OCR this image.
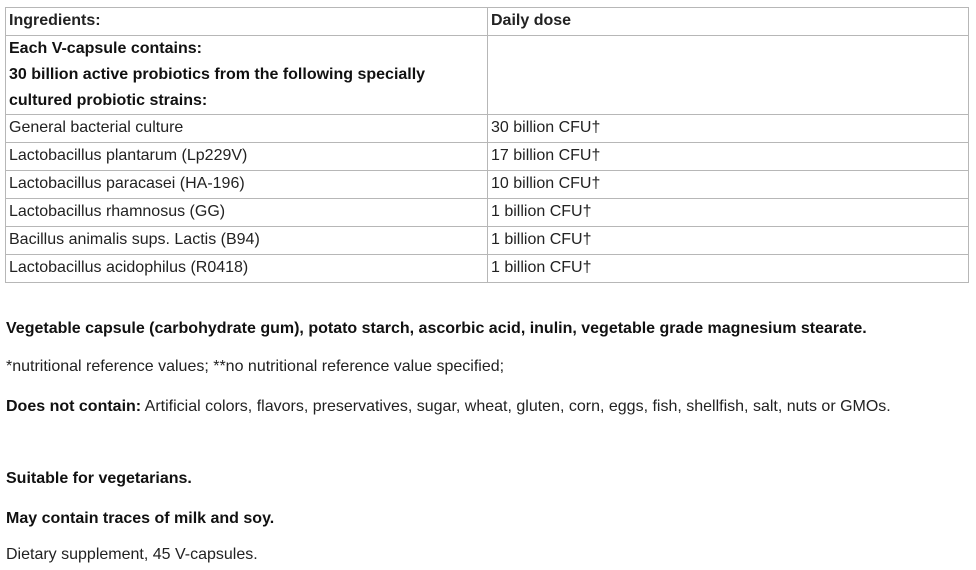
Ingredients:	Daily dose

Each V-capsule contains:
30 billion active probiotics from the following specially
cultured probiotic strains:	

General bacterial culture	30 billion CFU†
Lactobacillus plantarum (Lp229V)	17 billion CFU†
Lactobacillus paracasei (HA-196)	10 billion CFU†
Lactobacillus rhamnosus (GG)	1 billion CFU†
Bacillus animalis sups. Lactis (B94)	1 billion CFU†
Lactobacillus acidophilus (R0418)	1 billion CFU†

Vegetable capsule (carbohydrate gum), potato starch, ascorbic acid, inulin, vegetable grade magnesium stearate.

*nutritional reference values; **no nutritional reference value specified;

Does not contain: Artificial colors, flavors, preservatives, sugar, wheat, gluten, corn, eggs, fish, shellfish, salt, nuts or GMOs.

Suitable for vegetarians.

May contain traces of milk and soy.

Dietary supplement, 45 V-capsules.
